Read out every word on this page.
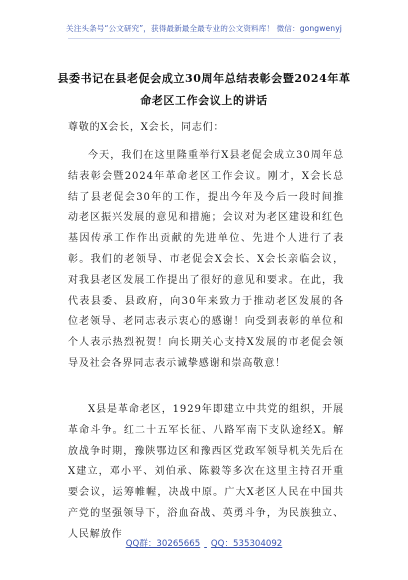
关注头条号“公文研究”，获得最新最全最专业的公文资料库！ 微信：gongwenyj
县委书记在县老促会成立30周年总结表彰会暨2024年革命老区工作会议上的讲话
尊敬的X会长，X会长，同志们：

今天，我们在这里隆重举行X县老促会成立30周年总结表彰会暨2024年革命老区工作会议。刚才，X会长总结了县老促会30年的工作，提出今年及今后一段时间推动老区振兴发展的意见和措施；会议对为老区建设和红色基因传承工作作出贡献的先进单位、先进个人进行了表彰。我们的老领导、市老促会X会长、X会长亲临会议，对我县老区发展工作提出了很好的意见和要求。在此，我代表县委、县政府，向30年来致力于推动老区发展的各位老领导、老同志表示衷心的感谢！向受到表彰的单位和个人表示热烈祝贺！向长期关心支持X发展的市老促会领导及社会各界同志表示诚挚感谢和崇高敬意！

X县是革命老区，1929年即建立中共党的组织，开展革命斗争。红二十五军长征、八路军南下支队途经X。解放战争时期，豫陕鄂边区和豫西区党政军领导机关先后在X建立，邓小平、刘伯承、陈毅等多次在这里主持召开重要会议，运筹帷幄，决战中原。广大X老区人民在中国共产党的坚强领导下，浴血奋战、英勇斗争，为民族独立、人民解放作

QQ群：30265665 QQ：535304092
